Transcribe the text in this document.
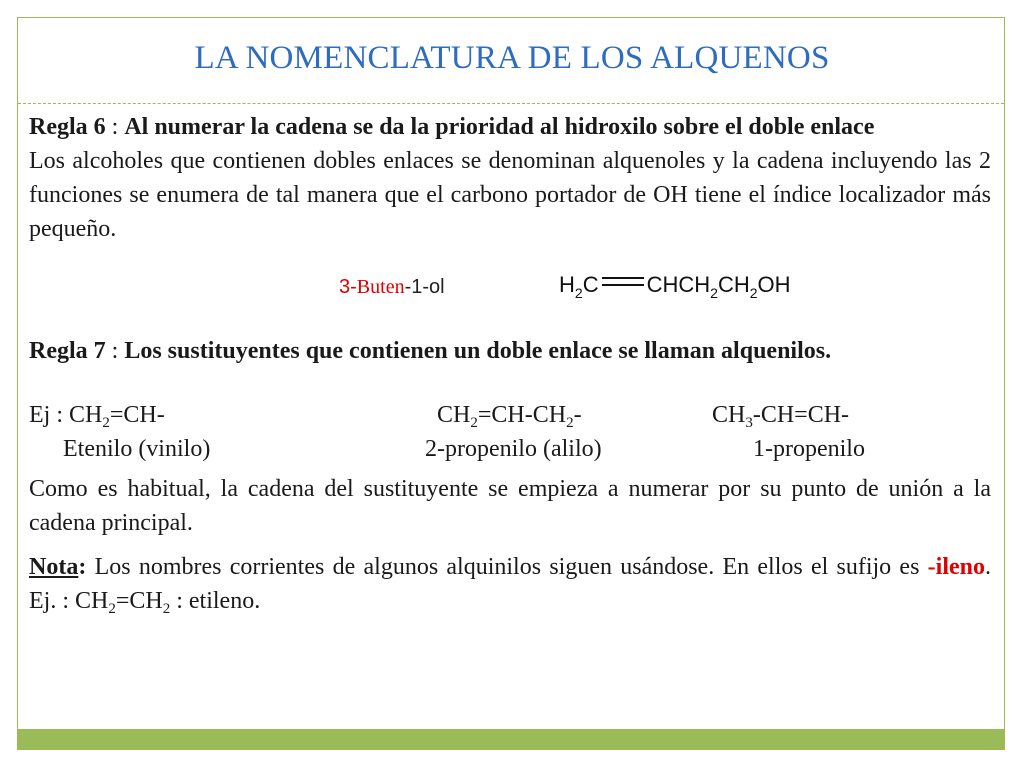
LA NOMENCLATURA DE LOS ALQUENOS

Regla 6 : Al numerar la cadena se da la prioridad al hidroxilo sobre el doble enlace

Los alcoholes que contienen dobles enlaces se denominan alquenoles y la cadena incluyendo las 2 funciones se enumera de tal manera que el carbono portador de OH tiene el índice localizador más pequeño.

3-Buten-1-ol	$H_2C$ $CHCH_2CH_2OH$

Regla 7 : Los sustituyentes que contienen un doble enlace se llaman alquenilos.

Ej : $CH_2=CH-$	$CH_2=CH-CH_2-$	$CH_3-CH=CH-$
Etenilo (vinilo)	2-propenilo (alilo)	1-propenilo

Como es habitual, la cadena del sustituyente se empieza a numerar por su punto de unión a la cadena principal.

Nota: Los nombres corrientes de algunos alquinilos siguen usándose. En ellos el sufijo es -ileno. Ej. : $CH_2=CH_2$ : etileno.
